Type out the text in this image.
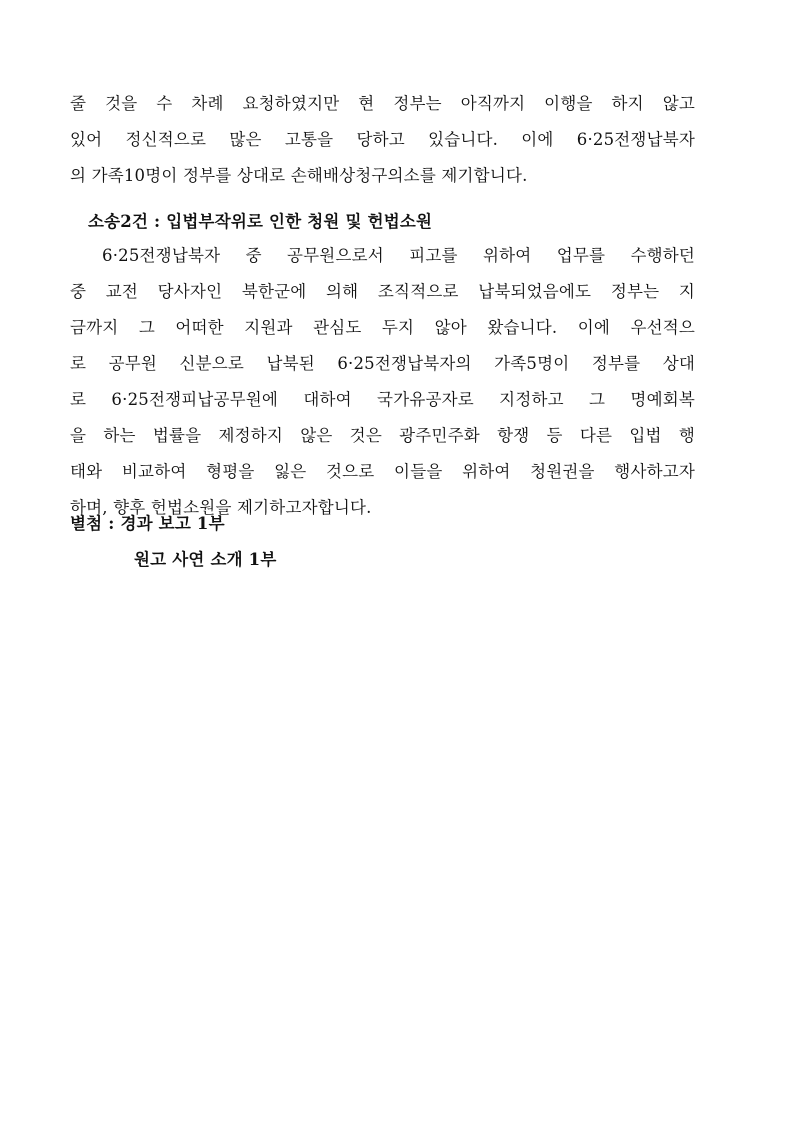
줄 것을 수 차례 요청하였지만 현 정부는 아직까지 이행을 하지 않고
있어 정신적으로 많은 고통을 당하고 있습니다. 이에 6·25전쟁납북자
의 가족10명이 정부를 상대로 손해배상청구의소를 제기합니다.
소송2건 : 입법부작위로 인한 청원 및 헌법소원
6·25전쟁납북자 중 공무원으로서 피고를 위하여 업무를 수행하던
중 교전 당사자인 북한군에 의해 조직적으로 납북되었음에도 정부는 지
금까지 그 어떠한 지원과 관심도 두지 않아 왔습니다. 이에 우선적으
로 공무원 신분으로 납북된 6·25전쟁납북자의 가족5명이 정부를 상대
로 6·25전쟁피납공무원에 대하여 국가유공자로 지정하고 그 명예회복
을 하는 법률을 제정하지 않은 것은 광주민주화 항쟁 등 다른 입법 행
태와 비교하여 형평을 잃은 것으로 이들을 위하여 청원권을 행사하고자
하며, 향후 헌법소원을 제기하고자합니다.
별첨 : 경과 보고 1부
원고 사연 소개 1부
